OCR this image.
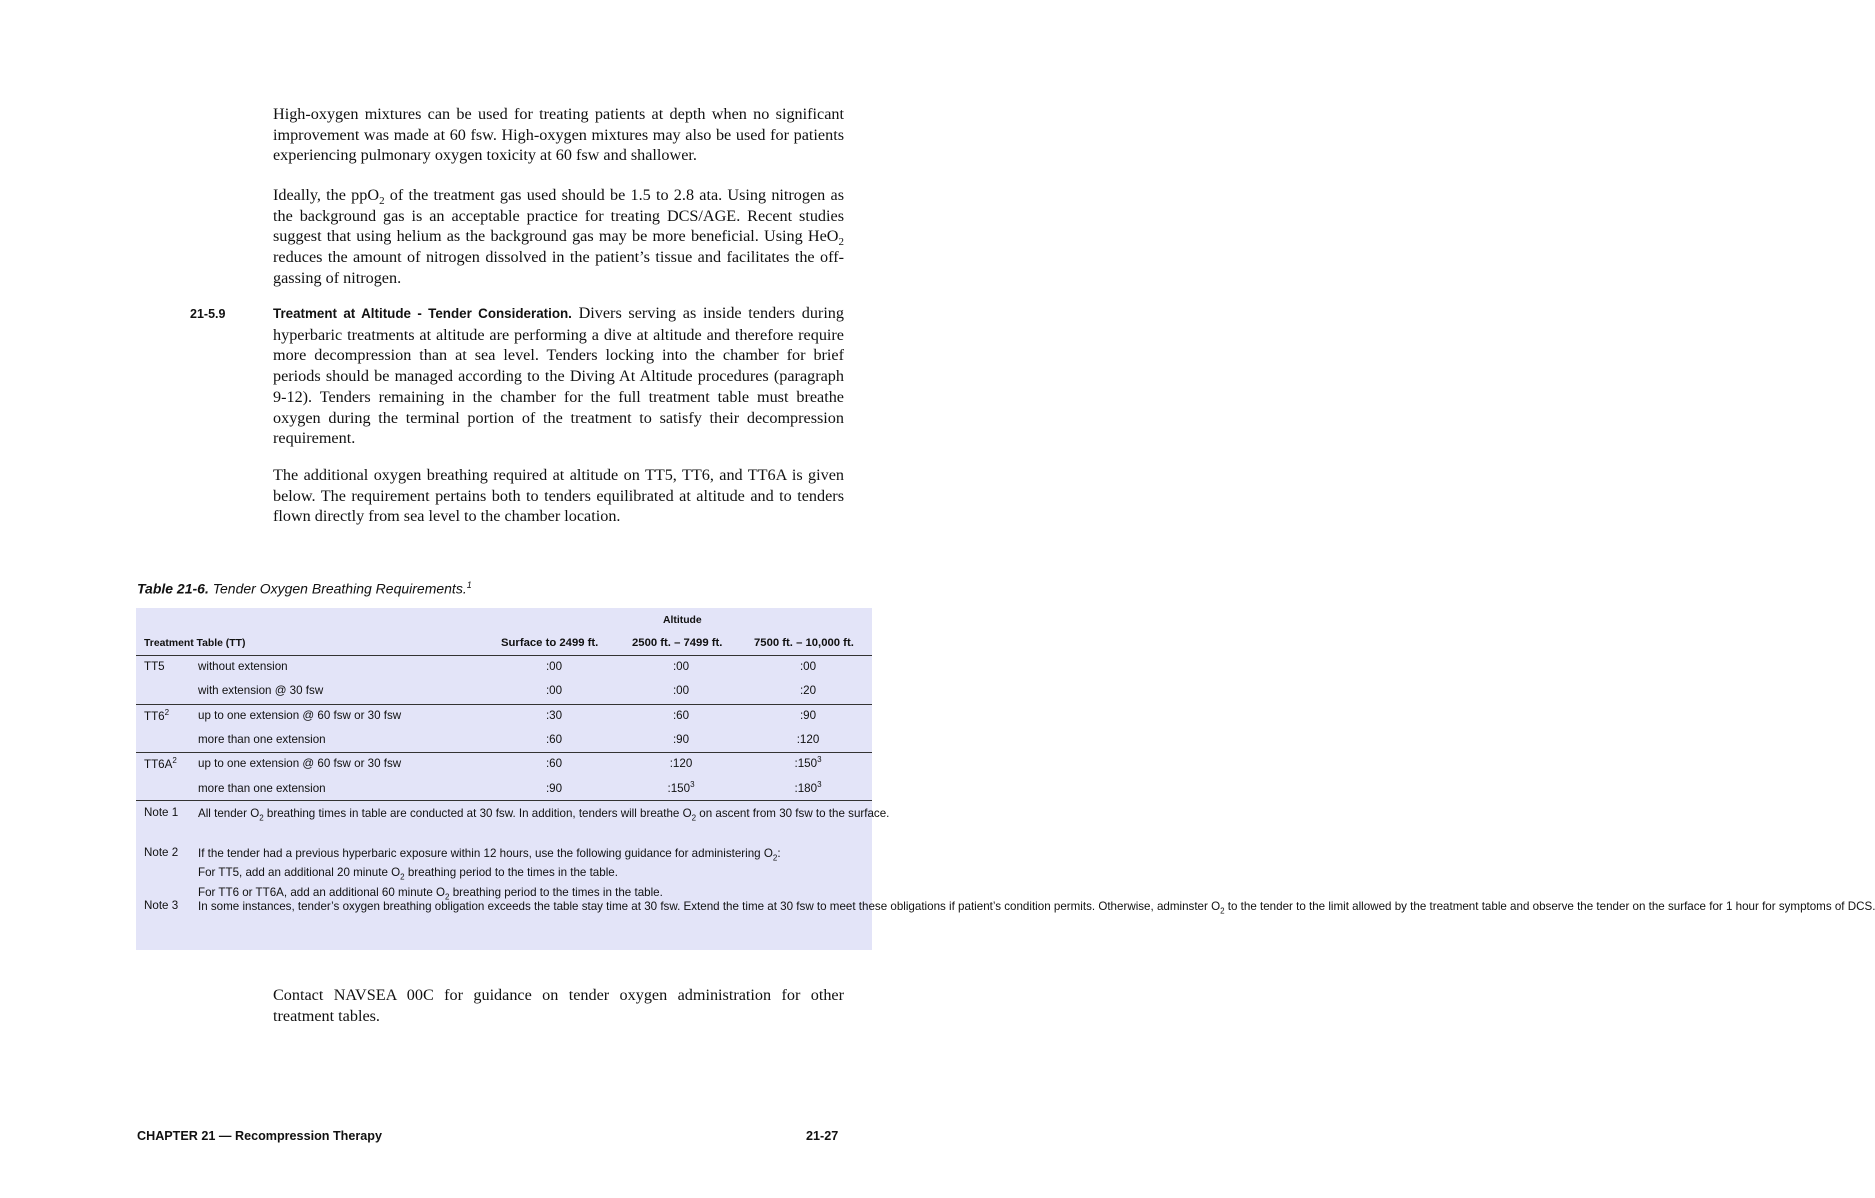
High-oxygen mixtures can be used for treating patients at depth when no significant improvement was made at 60 fsw. High-oxygen mixtures may also be used for patients experiencing pulmonary oxygen toxicity at 60 fsw and shallower.
Ideally, the ppO$_2$ of the treatment gas used should be 1.5 to 2.8 ata. Using nitrogen as the background gas is an acceptable practice for treating DCS/AGE. Recent studies suggest that using helium as the background gas may be more beneficial. Using HeO$_2$ reduces the amount of nitrogen dissolved in the patient’s tissue and facilitates the off-gassing of nitrogen.
21-5.9	Treatment at Altitude - Tender Consideration. Divers serving as inside tenders during hyperbaric treatments at altitude are performing a dive at altitude and therefore require more decompression than at sea level. Tenders locking into the chamber for brief periods should be managed according to the Diving At Altitude procedures (paragraph 9-12). Tenders remaining in the chamber for the full treatment table must breathe oxygen during the terminal portion of the treatment to satisfy their decompression requirement.
The additional oxygen breathing required at altitude on TT5, TT6, and TT6A is given below. The requirement pertains both to tenders equilibrated at altitude and to tenders flown directly from sea level to the chamber location.
Table 21-6. Tender Oxygen Breathing Requirements.$^1$
Altitude
Treatment Table (TT)	Surface to 2499 ft.	2500 ft. – 7499 ft.	7500 ft. – 10,000 ft.
TT5	without extension	:00	:00	:00
with extension @ 30 fsw	:00	:00	:20
$TT6^2$ up to one extension @ 60 fsw or 30 fsw	:30	:60	:90
more than one extension	:60	:90	:120
$TT6A^2$ up to one extension @ 60 fsw or 30 fsw	:60	:120	$:150^3$
more than one extension	:90	$:150^3$	$:180^3$
Note 1 All tender $O_2$ breathing times in table are conducted at 30 fsw. In addition, tenders will breathe $O_2$ on ascent from 30 fsw to the surface.
Note 2 If the tender had a previous hyperbaric exposure within 12 hours, use the following guidance for administering $O_2$:
For TT5, add an additional 20 minute $O_2$ breathing period to the times in the table.
For TT6 or TT6A, add an additional 60 minute $O_2$ breathing period to the times in the table.
Note 3 In some instances, tender’s oxygen breathing obligation exceeds the table stay time at 30 fsw. Extend the time at 30 fsw to meet these obligations if patient’s condition permits. Otherwise, adminster $O_2$ to the tender to the limit allowed by the treatment table and observe the tender on the surface for 1 hour for symptoms of DCS.
Contact NAVSEA 00C for guidance on tender oxygen administration for other treatment tables.
CHAPTER 21 — Recompression Therapy	21-27
